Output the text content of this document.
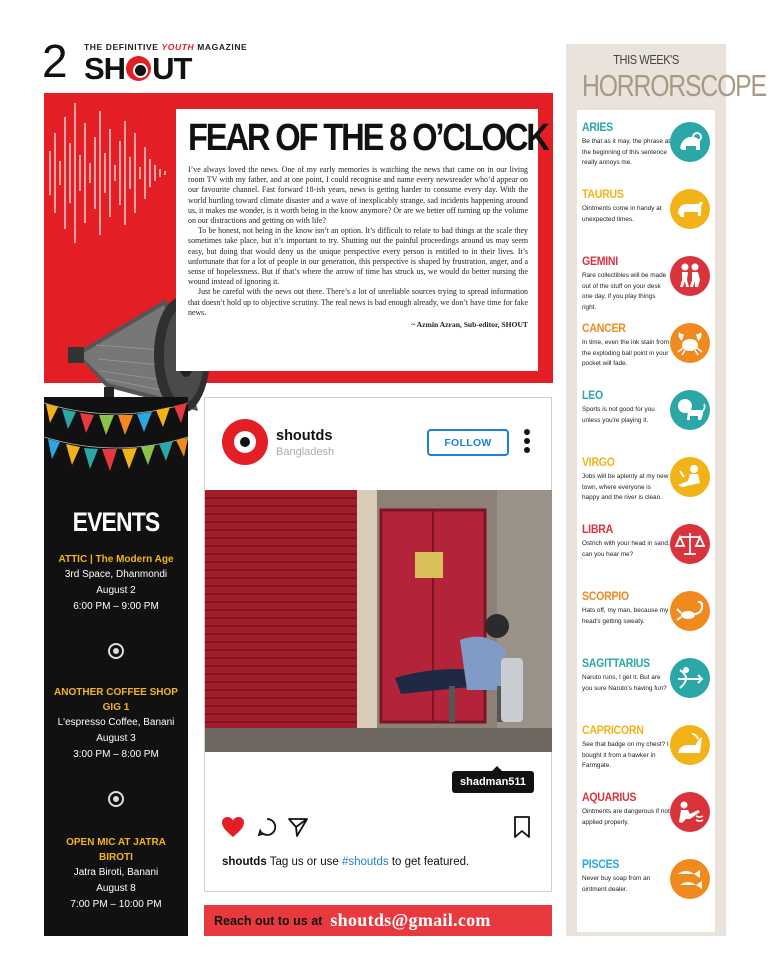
2 THE DEFINITIVE YOUTH MAGAZINE
SH UT
FEAR OF THE 8 O’CLOCK

I’ve always loved the news. One of my early memories is watching the news that came on in our living room TV with my father, and at one point, I could recognise and name every newsreader who’d appear on our favourite channel. Fast forward 18-ish years, news is getting harder to consume every day. With the world hurtling toward climate disaster and a wave of inexplicably strange, sad incidents happening around us, it makes me wonder, is it worth being in the know anymore? Or are we better off turning up the volume on our distractions and getting on with life?

To be honest, not being in the know isn’t an option. It’s difficult to relate to bad things at the scale they sometimes take place, but it’s important to try. Shutting out the painful proceedings around us may seem easy, but doing that would deny us the unique perspective every person is entitled to in their lives. It’s unfortunate that for a lot of people in our generation, this perspective is shaped by frustration, anger, and a sense of hopelessness. But if that’s where the arrow of time has struck us, we would do better nursing the wound instead of ignoring it.

Just be careful with the news out there. There’s a lot of unreliable sources trying to spread information that doesn’t hold up to objective scrutiny. The real news is bad enough already, we don’t have time for fake news.

~ Azmin Azran, Sub-editor, SHOUT
EVENTS
ATTIC | The Modern Age
3rd Space, Dhanmondi
August 2
6:00 PM – 9:00 PM
ANOTHER COFFEE SHOP GIG 1
L'espresso Coffee, Banani
August 3
3:00 PM – 8:00 PM
OPEN MIC AT JATRA BIROTI
Jatra Biroti, Banani
August 8
7:00 PM – 10:00 PM
shoutds
Bangladesh
FOLLOW
shadman511
shoutds Tag us or use #shoutds to get featured.
Reach out to us at shoutds@gmail.com
THIS WEEK'S
HORRORSCOPE
ARIES
Be that as it may, the phrase at the beginning of this sentence really annoys me.
TAURUS
Ointments come in handy at unexpected times.
GEMINI
Rare collectibles will be made out of the stuff on your desk one day, if you play things right.
CANCER
In time, even the ink stain from the exploding ball point in your pocket will fade.
LEO
Sports is not good for you unless you're playing it.
VIRGO
Jobs will be aplenty at my new town, where everyone is happy and the river is clean.
LIBRA
Ostrich with your head in sand, can you hear me?
SCORPIO
Hats off, my man, because my head's getting sweaty.
SAGITTARIUS
Naruto runs, I get it. But are you sure Naruto's having fun?
CAPRICORN
See that badge on my chest? I bought it from a hawker in Farmgate.
AQUARIUS
Ointments are dangerous if not applied properly.
PISCES
Never buy soap from an ointment dealer.
